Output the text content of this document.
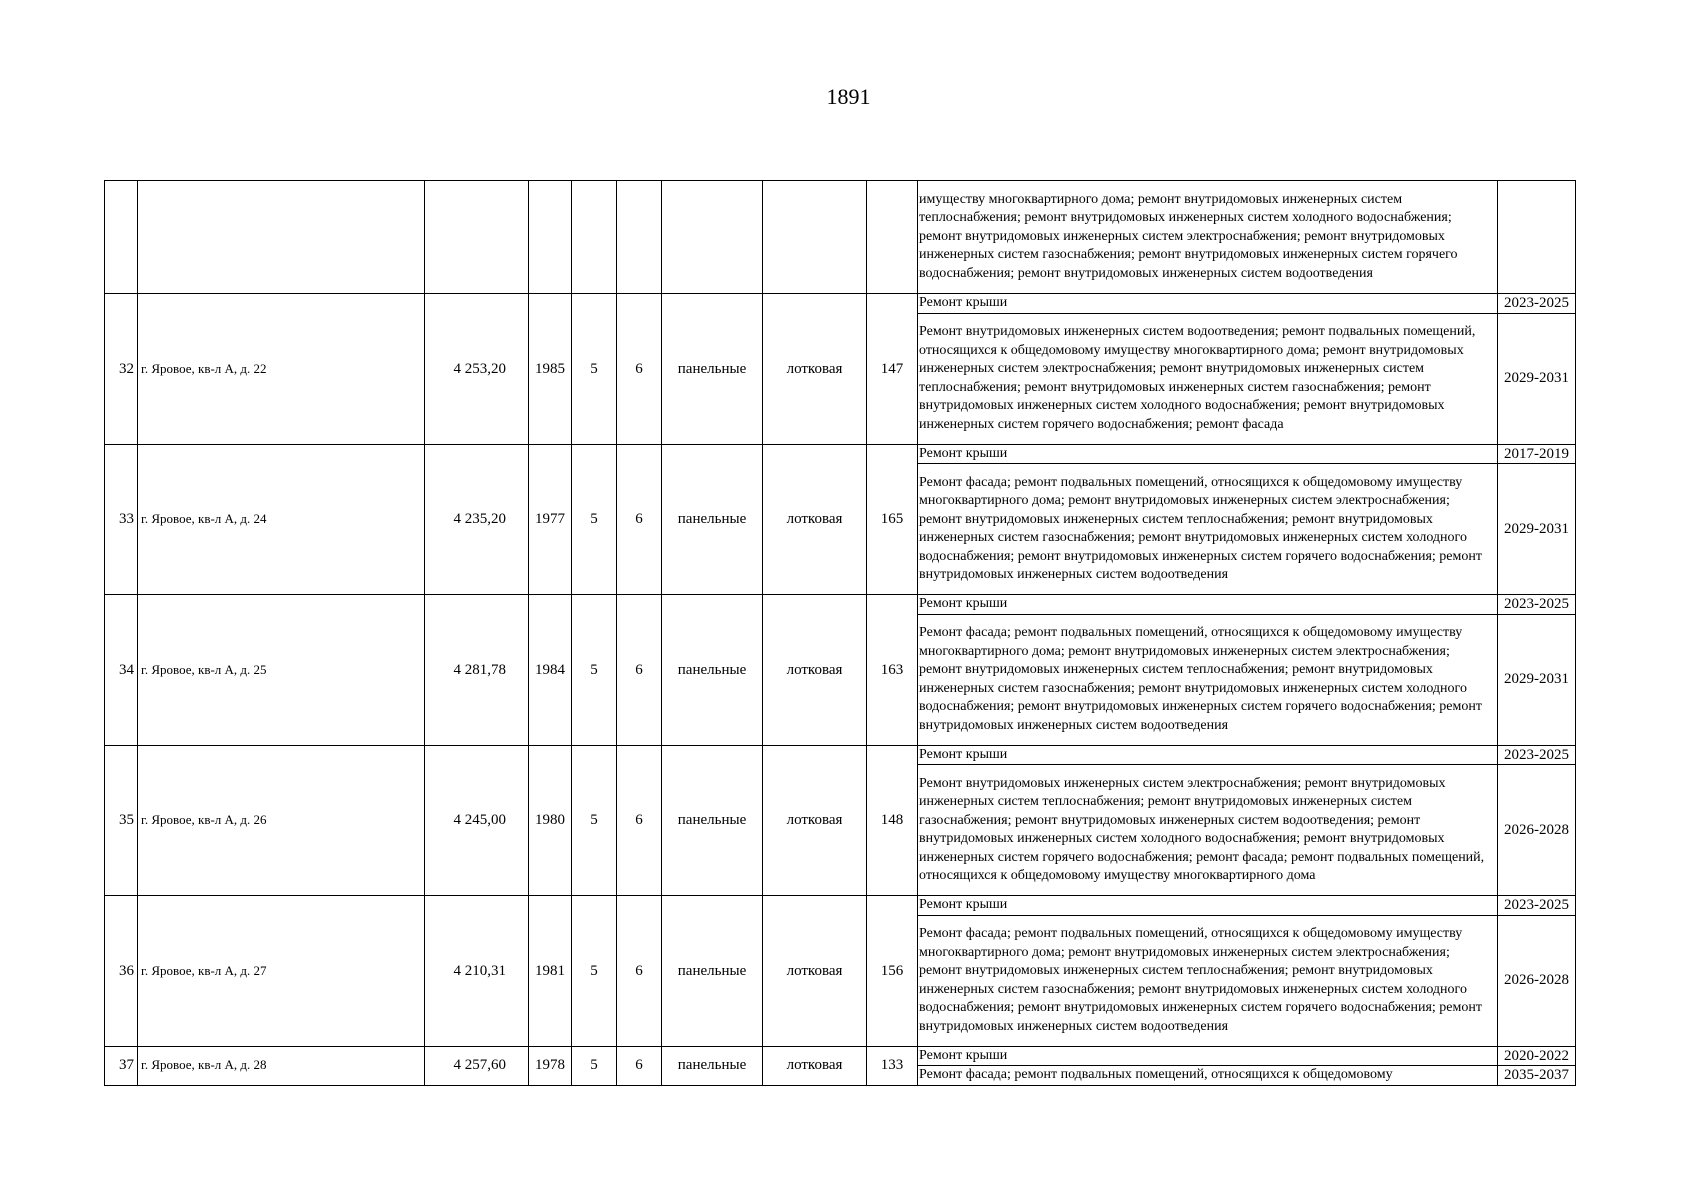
1891
									имуществу многоквартирного дома; ремонт внутридомовых инженерных систем теплоснабжения; ремонт внутридомовых инженерных систем холодного водоснабжения; ремонт внутридомовых инженерных систем электроснабжения; ремонт внутридомовых инженерных систем газоснабжения; ремонт внутридомовых инженерных систем горячего водоснабжения; ремонт внутридомовых инженерных систем водоотведения	
32	г. Яровое, кв-л А, д. 22	4 253,20	1985	5	6	панельные	лотковая	147	Ремонт крыши	2023-2025
									Ремонт внутридомовых инженерных систем водоотведения; ремонт подвальных помещений, относящихся к общедомовому имуществу многоквартирного дома; ремонт внутридомовых инженерных систем электроснабжения; ремонт внутридомовых инженерных систем теплоснабжения; ремонт внутридомовых инженерных систем газоснабжения; ремонт внутридомовых инженерных систем холодного водоснабжения; ремонт внутридомовых инженерных систем горячего водоснабжения; ремонт фасада	2029-2031
33	г. Яровое, кв-л А, д. 24	4 235,20	1977	5	6	панельные	лотковая	165	Ремонт крыши	2017-2019
									Ремонт фасада; ремонт подвальных помещений, относящихся к общедомовому имуществу многоквартирного дома; ремонт внутридомовых инженерных систем электроснабжения; ремонт внутридомовых инженерных систем теплоснабжения; ремонт внутридомовых инженерных систем газоснабжения; ремонт внутридомовых инженерных систем холодного водоснабжения; ремонт внутридомовых инженерных систем горячего водоснабжения; ремонт внутридомовых инженерных систем водоотведения	2029-2031
34	г. Яровое, кв-л А, д. 25	4 281,78	1984	5	6	панельные	лотковая	163	Ремонт крыши	2023-2025
									Ремонт фасада; ремонт подвальных помещений, относящихся к общедомовому имуществу многоквартирного дома; ремонт внутридомовых инженерных систем электроснабжения; ремонт внутридомовых инженерных систем теплоснабжения; ремонт внутридомовых инженерных систем газоснабжения; ремонт внутридомовых инженерных систем холодного водоснабжения; ремонт внутридомовых инженерных систем горячего водоснабжения; ремонт внутридомовых инженерных систем водоотведения	2029-2031
35	г. Яровое, кв-л А, д. 26	4 245,00	1980	5	6	панельные	лотковая	148	Ремонт крыши	2023-2025
									Ремонт внутридомовых инженерных систем электроснабжения; ремонт внутридомовых инженерных систем теплоснабжения; ремонт внутридомовых инженерных систем газоснабжения; ремонт внутридомовых инженерных систем водоотведения; ремонт внутридомовых инженерных систем холодного водоснабжения; ремонт внутридомовых инженерных систем горячего водоснабжения; ремонт фасада; ремонт подвальных помещений, относящихся к общедомовому имуществу многоквартирного дома	2026-2028
36	г. Яровое, кв-л А, д. 27	4 210,31	1981	5	6	панельные	лотковая	156	Ремонт крыши	2023-2025
									Ремонт фасада; ремонт подвальных помещений, относящихся к общедомовому имуществу многоквартирного дома; ремонт внутридомовых инженерных систем электроснабжения; ремонт внутридомовых инженерных систем теплоснабжения; ремонт внутридомовых инженерных систем газоснабжения; ремонт внутридомовых инженерных систем холодного водоснабжения; ремонт внутридомовых инженерных систем горячего водоснабжения; ремонт внутридомовых инженерных систем водоотведения	2026-2028
37	г. Яровое, кв-л А, д. 28	4 257,60	1978	5	6	панельные	лотковая	133	Ремонт крыши	2020-2022
									Ремонт фасада; ремонт подвальных помещений, относящихся к общедомовому	2035-2037
